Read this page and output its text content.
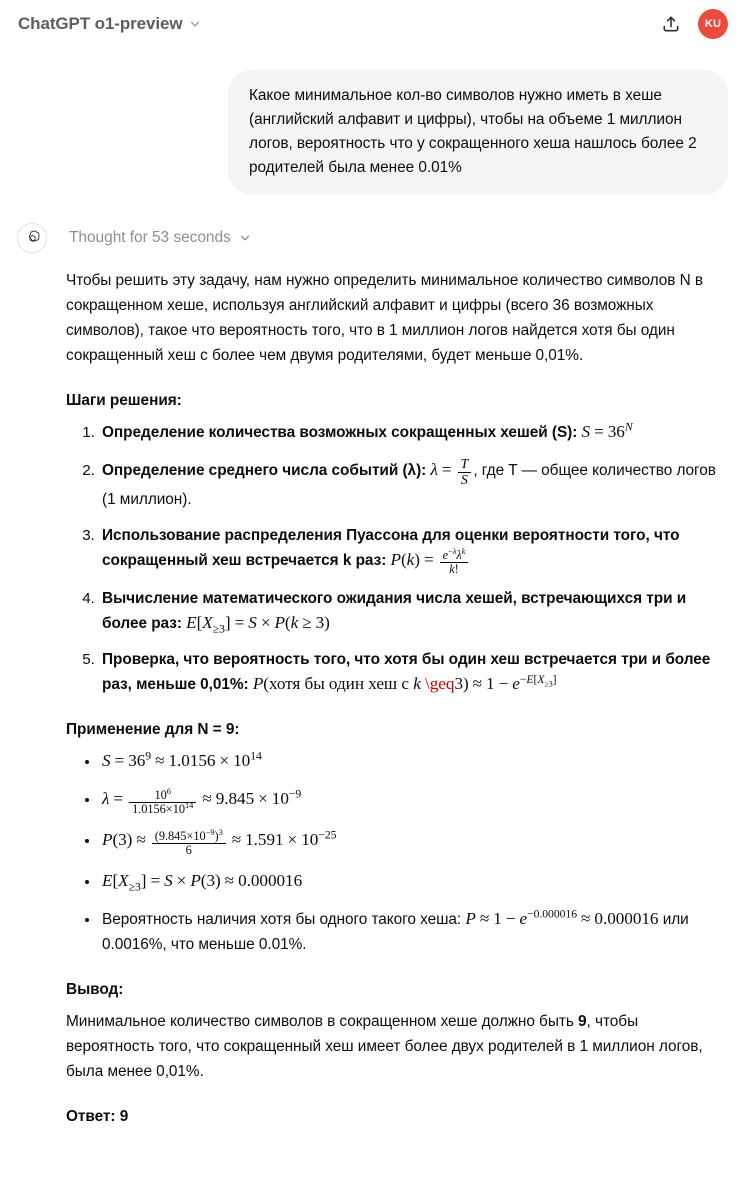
ChatGPT o1-preview	KU
Какое минимальное кол-во символов нужно иметь в хеше (английский алфавит и цифры), чтобы на объеме 1 миллион логов, вероятность что у сокращенного хеша нашлось более 2 родителей была менее 0.01%
Thought for 53 seconds

Чтобы решить эту задачу, нам нужно определить минимальное количество символов N в сокращенном хеше, используя английский алфавит и цифры (всего 36 возможных символов), такое что вероятность того, что в 1 миллион логов найдется хотя бы один сокращенный хеш с более чем двумя родителями, будет меньше 0,01%.

Шаги решения:
1. Определение количества возможных сокращенных хешей (S): $S = 36^N$
2. Определение среднего числа событий (λ): $\lambda = \frac{T}{S}$ , где T — общее количество логов (1 миллион).
3. Использование распределения Пуассона для оценки вероятности того, что сокращенный хеш встречается k раз: $P(k) = \frac{e^{-\lambda}\lambda^k}{k!}$
4. Вычисление математического ожидания числа хешей, встречающихся три и более раз: $E[X_{\ge 3}] = S \times P(k \ge 3)$
5. Проверка, что вероятность того, что хотя бы один хеш встречается три и более раз, меньше 0,01%: P(хотя бы один хеш с k \geq3) ≈ $1 - e^{-E[X_{\ge 3}]}$
Применение для N = 9:
• $S = 36^9 \approx 1.0156 \times 10^{14}$
• $\lambda = \frac{10^6}{1.0156\times 10^{14}} \approx 9.845 \times 10^{-9}$
• $P(3) \approx \frac{(9.845\times 10^{-9})^3}{6} \approx 1.591 \times 10^{-25}$
• $E[X_{\ge 3}] = S \times P(3) \approx 0.000016$
• Вероятность наличия хотя бы одного такого хеша: $P \approx 1 - e^{-0.000016} \approx 0.000016$ или 0.0016%, что меньше 0.01%.
Вывод:

Минимальное количество символов в сокращенном хеше должно быть 9, чтобы вероятность того, что сокращенный хеш имеет более двух родителей в 1 миллион логов, была менее 0,01%.

Ответ: 9
